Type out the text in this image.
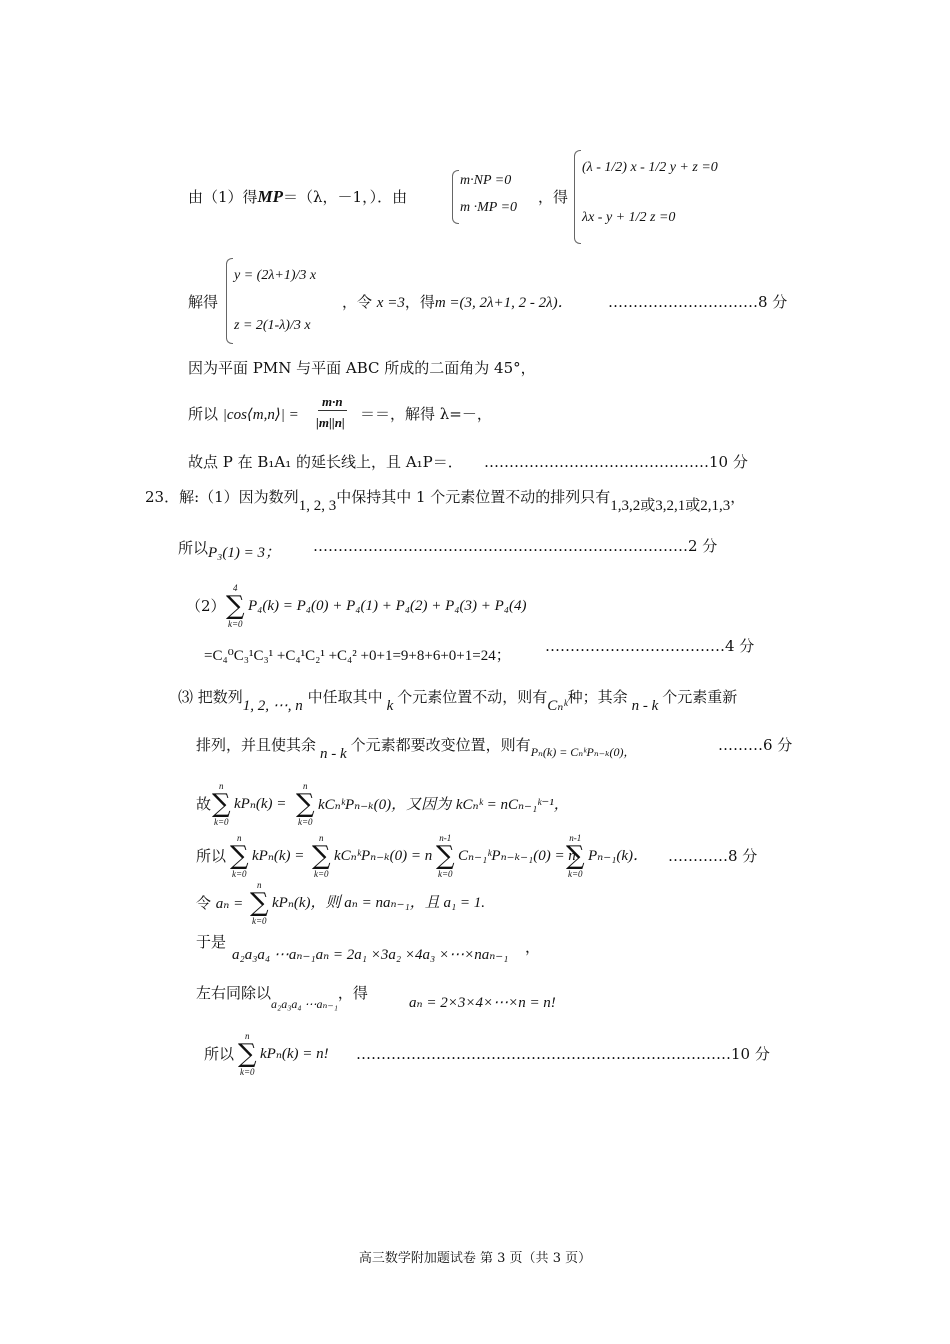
由（1）得MP＝（λ，－1，）．由
m·NP =0
m ·MP =0
，得
(λ - 1/2) x - 1/2 y + z =0
λx - y + 1/2 z =0
解得
y = (2λ+1)/3 x
z = 2(1-λ)/3 x
，令 x =3，得m =(3, 2λ+1, 2 - 2λ)． …………………………8 分
因为平面 PMN 与平面 ABC 所成的二面角为 45°，
所以 |cos⟨m,n⟩| =
m·n
|m||n| ＝＝，解得 λ=－，
故点 P 在 B₁A₁ 的延长线上，且 A₁P＝． ………………………………………10 分
23．解:（1）因为数列1, 2, 3中保持其中 1 个元素位置不动的排列只有1,3,2或3,2,1或2,1,3，
所以P₃(1) = 3； …………………………………………………………………2 分
（2）
4
∑
k=0
P₄(k) = P₄(0) + P₄(1) + P₄(2) + P₄(3) + P₄(4)
=C₄⁰C₃¹C₃¹ +C₄¹C₂¹ +C₄² +0+1=9+8+6+0+1=24；
………………………………4 分
⑶ 把数列1, 2, ⋯, n 中任取其中 k 个元素位置不动，则有Cₙᵏ种；其余 n - k 个元素重新
排列，并且使其余 n - k 个元素都要改变位置，则有$_{P_n(k) = C_nᵏP_{n-k}(0),}$	………6 分
故
n
∑
k=0
kPₙ(k) =
n
∑
k=0
kCₙᵏPₙ₋ₖ(0)，又因为 kCₙᵏ = nCₙ₋₁ᵏ⁻¹，
所以
n
∑
k=0
kPₙ(k) =
n
∑
k=0
kCₙᵏPₙ₋ₖ(0) = n
n-1
∑
k=0
Cₙ₋₁ᵏPₙ₋ₖ₋₁(0) = n
n-1
∑
k=0
Pₙ₋₁(k)． …………8 分
令 aₙ =
n
∑
k=0
kPₙ(k)，则 aₙ = naₙ₋₁，且 a₁ = 1.
于是
a₂a₃a₄ ⋯aₙ₋₁aₙ = 2a₁ ×3a₂ ×4a₃ ×⋯×naₙ₋₁ ，
左右同除以$_{a_2a_3a_4 \cdots a_{n-1}}$，得
aₙ = 2×3×4×⋯×n = n!
所以
n
∑
k=0
kPₙ(k) = n! …………………………………………………………………10 分
高三数学附加题试卷 第 3 页（共 3 页）
